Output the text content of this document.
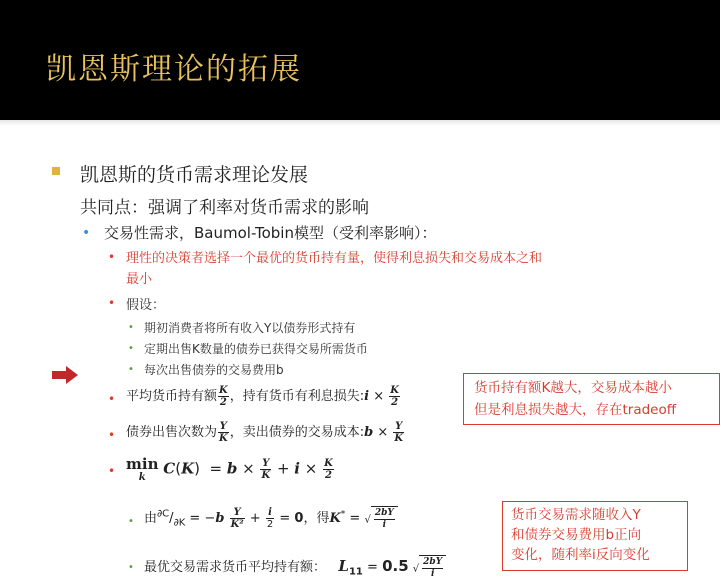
凯恩斯理论的拓展
凯恩斯的货币需求理论发展
共同点：强调了利率对货币需求的影响
• 交易性需求，Baumol-Tobin模型（受利率影响）：
• 理性的决策者选择一个最优的货币持有量，使得利息损失和交易成本之和
最小
• 假设：
• 期初消费者将所有收入Y以债券形式持有
• 定期出售K数量的债券已获得交易所需货币
• 每次出售债券的交易费用b
• 平均货币持有额 $\frac{K}{2}$ ，持有货币有利息损失:i × $\frac{K}{2}$
• 债券出售次数为 $\frac{Y}{K}$ ，卖出债券的交易成本:b × $\frac{Y}{K}$
• min
k	$C(K) = b \times \frac{Y}{K} + i \times \frac{K}{2}$
• 由$^{\partial C}/_{\partial K} = -b \frac{Y}{\text{K²}} + \frac{i}{2} = 0$，得K* = √ $\frac{2bY}{i}$
• 最优交易需求货币平均持有额： $L_{11} = 0.5$ √ $\frac{2bY}{i}$
货币持有额K越大，交易成本越小
但是利息损失越大，存在tradeoff
货币交易需求随收入Y
和债券交易费用b正向
变化，随利率i反向变化
